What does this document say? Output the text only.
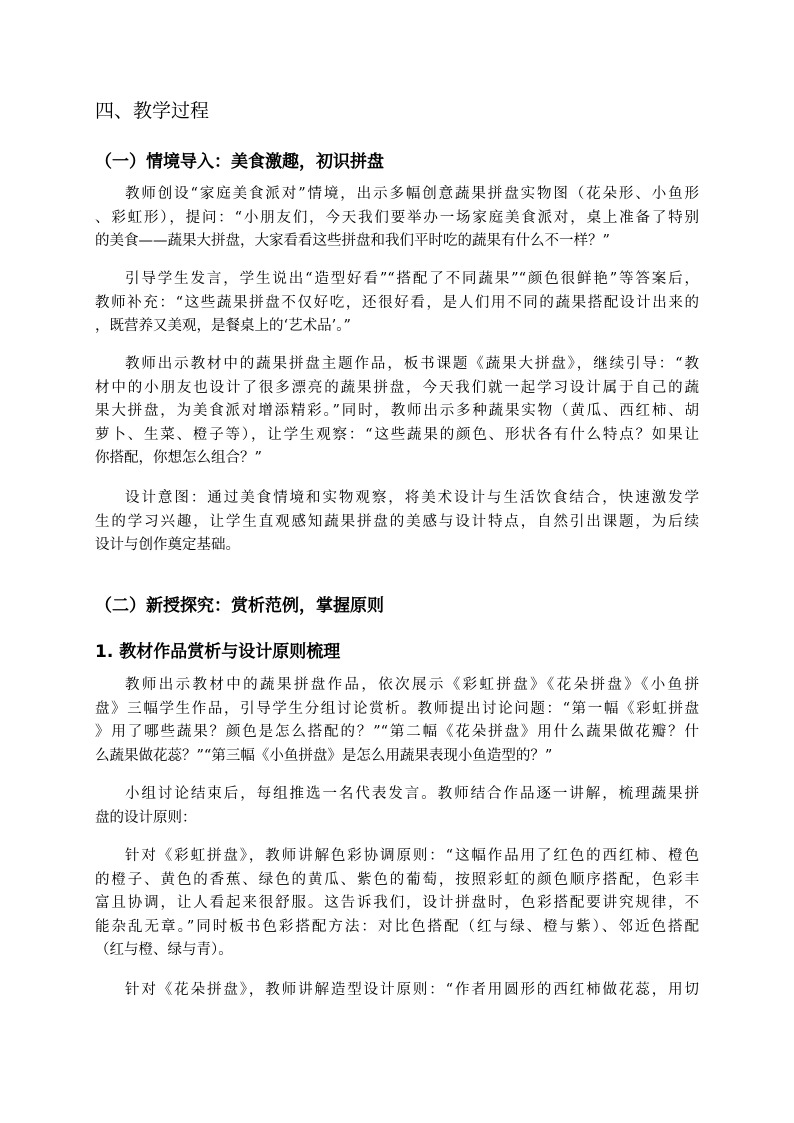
四、教学过程
（一）情境导入：美食激趣，初识拼盘
教师创设“家庭美食派对”情境，出示多幅创意蔬果拼盘实物图（花朵形、小鱼形
、彩虹形），提问：“小朋友们，今天我们要举办一场家庭美食派对，桌上准备了特别
的美食——蔬果大拼盘，大家看看这些拼盘和我们平时吃的蔬果有什么不一样？”
引导学生发言，学生说出“造型好看”“搭配了不同蔬果”“颜色很鲜艳”等答案后，
教师补充：“这些蔬果拼盘不仅好吃，还很好看，是人们用不同的蔬果搭配设计出来的
，既营养又美观，是餐桌上的‘艺术品’。”
教师出示教材中的蔬果拼盘主题作品，板书课题《蔬果大拼盘》，继续引导：“教
材中的小朋友也设计了很多漂亮的蔬果拼盘，今天我们就一起学习设计属于自己的蔬
果大拼盘，为美食派对增添精彩。”同时，教师出示多种蔬果实物（黄瓜、西红柿、胡
萝卜、生菜、橙子等），让学生观察：“这些蔬果的颜色、形状各有什么特点？如果让
你搭配，你想怎么组合？”
设计意图：通过美食情境和实物观察，将美术设计与生活饮食结合，快速激发学
生的学习兴趣，让学生直观感知蔬果拼盘的美感与设计特点，自然引出课题，为后续
设计与创作奠定基础。
（二）新授探究：赏析范例，掌握原则
1. 教材作品赏析与设计原则梳理
教师出示教材中的蔬果拼盘作品，依次展示《彩虹拼盘》《花朵拼盘》《小鱼拼
盘》三幅学生作品，引导学生分组讨论赏析。教师提出讨论问题：“第一幅《彩虹拼盘
》用了哪些蔬果？颜色是怎么搭配的？”“第二幅《花朵拼盘》用什么蔬果做花瓣？什
么蔬果做花蕊？”“第三幅《小鱼拼盘》是怎么用蔬果表现小鱼造型的？”
小组讨论结束后，每组推选一名代表发言。教师结合作品逐一讲解，梳理蔬果拼
盘的设计原则：
针对《彩虹拼盘》，教师讲解色彩协调原则：“这幅作品用了红色的西红柿、橙色
的橙子、黄色的香蕉、绿色的黄瓜、紫色的葡萄，按照彩虹的颜色顺序搭配，色彩丰
富且协调，让人看起来很舒服。这告诉我们，设计拼盘时，色彩搭配要讲究规律，不
能杂乱无章。”同时板书色彩搭配方法：对比色搭配（红与绿、橙与紫）、邻近色搭配
（红与橙、绿与青）。
针对《花朵拼盘》，教师讲解造型设计原则：“作者用圆形的西红柿做花蕊，用切
